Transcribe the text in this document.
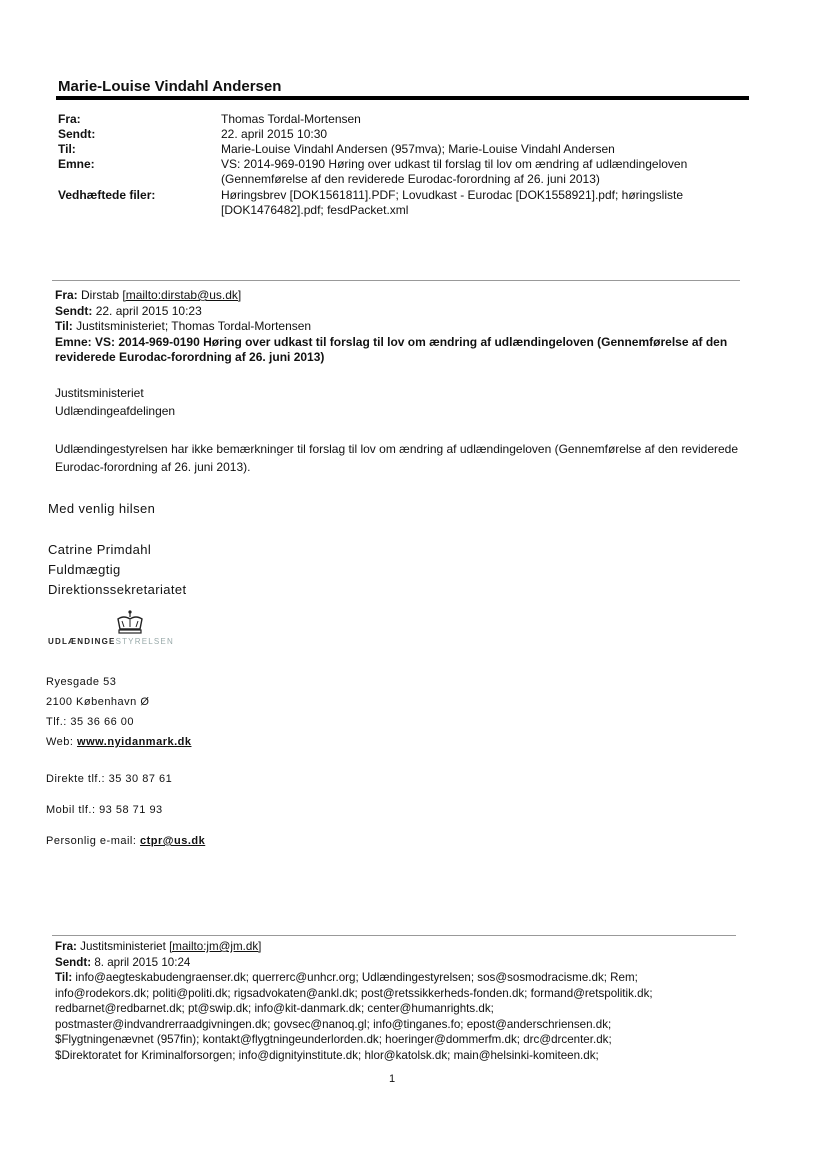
Marie-Louise Vindahl Andersen
Fra:	Thomas Tordal-Mortensen
Sendt:	22. april 2015 10:30
Til:	Marie-Louise Vindahl Andersen (957mva); Marie-Louise Vindahl Andersen
Emne:	VS: 2014-969-0190 Høring over udkast til forslag til lov om ændring af udlændingeloven (Gennemførelse af den reviderede Eurodac-forordning af 26. juni 2013)
Vedhæftede filer:	Høringsbrev [DOK1561811].PDF; Lovudkast - Eurodac [DOK1558921].pdf; høringsliste [DOK1476482].pdf; fesdPacket.xml
Fra: Dirstab [mailto:dirstab@us.dk]
Sendt: 22. april 2015 10:23
Til: Justitsministeriet; Thomas Tordal-Mortensen
Emne: VS: 2014-969-0190 Høring over udkast til forslag til lov om ændring af udlændingeloven (Gennemførelse af den reviderede Eurodac-forordning af 26. juni 2013)
Justitsministeriet
Udlændingeafdelingen
Udlændingestyrelsen har ikke bemærkninger til forslag til lov om ændring af udlændingeloven (Gennemførelse af den reviderede Eurodac-forordning af 26. juni 2013).
Med venlig hilsen
Catrine Primdahl
Fuldmægtig
Direktionssekretariatet
UDLÆNDINGESTYRELSEN
Ryesgade 53
2100 København Ø
Tlf.: 35 36 66 00
Web: www.nyidanmark.dk
Direkte tlf.: 35 30 87 61
Mobil tlf.: 93 58 71 93
Personlig e-mail: ctpr@us.dk
Fra: Justitsministeriet [mailto:jm@jm.dk]
Sendt: 8. april 2015 10:24
Til: info@aegteskabudengraenser.dk; querrerc@unhcr.org; Udlændingestyrelsen; sos@sosmodracisme.dk; Rem;
info@rodekors.dk; politi@politi.dk; rigsadvokaten@ankl.dk; post@retssikkerheds-fonden.dk; formand@retspolitik.dk;
redbarnet@redbarnet.dk; pt@swip.dk; info@kit-danmark.dk; center@humanrights.dk;
postmaster@indvandrerraadgivningen.dk; govsec@nanoq.gl; info@tinganes.fo; epost@anderschriensen.dk;
$Flygtningenævnet (957fin); kontakt@flygtningeunderlorden.dk; hoeringer@dommerfm.dk; drc@drcenter.dk;
$Direktoratet for Kriminalforsorgen; info@dignityinstitute.dk; hlor@katolsk.dk; main@helsinki-komiteen.dk;
1
